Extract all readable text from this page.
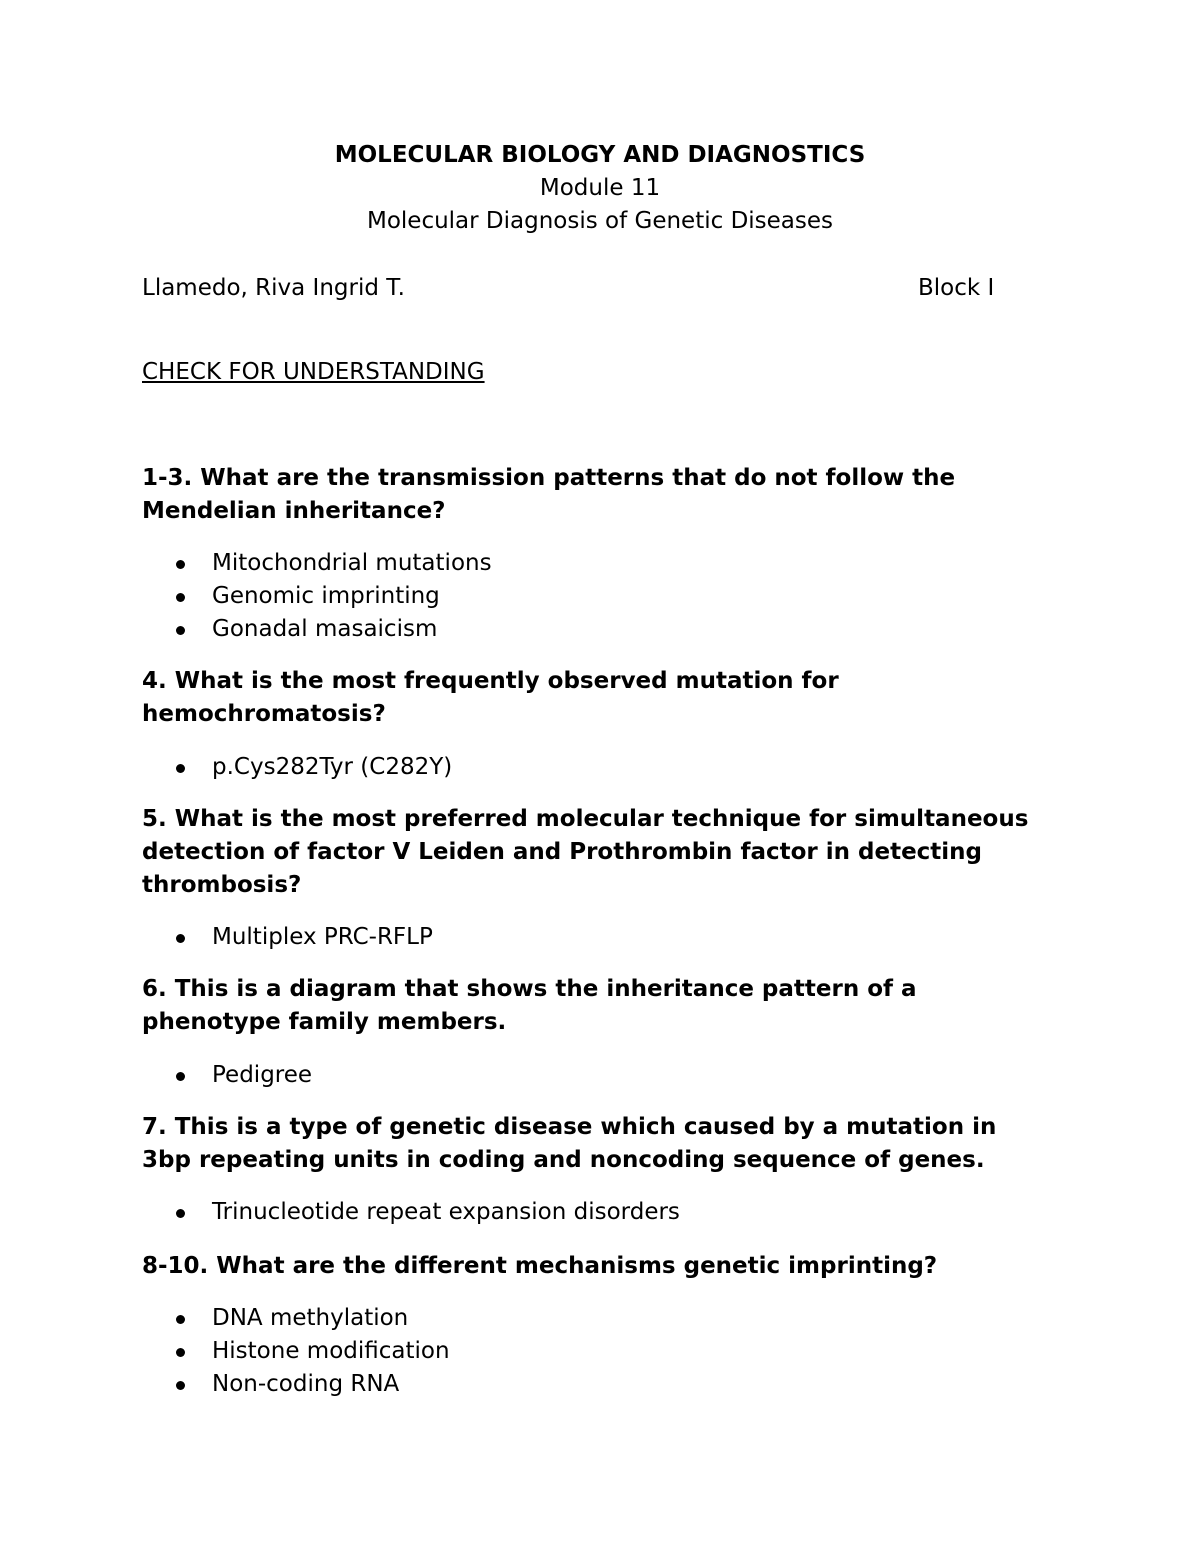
MOLECULAR BIOLOGY AND DIAGNOSTICS
Module 11
Molecular Diagnosis of Genetic Diseases
Llamedo, Riva Ingrid T.	Block I
CHECK FOR UNDERSTANDING
1-3. What are the transmission patterns that do not follow the
Mendelian inheritance?
Mitochondrial mutations
Genomic imprinting
Gonadal masaicism
4. What is the most frequently observed mutation for
hemochromatosis?
p.Cys282Tyr (C282Y)
5. What is the most preferred molecular technique for simultaneous
detection of factor V Leiden and Prothrombin factor in detecting
thrombosis?
Multiplex PRC-RFLP
6. This is a diagram that shows the inheritance pattern of a
phenotype family members.
Pedigree
7. This is a type of genetic disease which caused by a mutation in
3bp repeating units in coding and noncoding sequence of genes.
Trinucleotide repeat expansion disorders
8-10. What are the different mechanisms genetic imprinting?
DNA methylation
Histone modification
Non-coding RNA
